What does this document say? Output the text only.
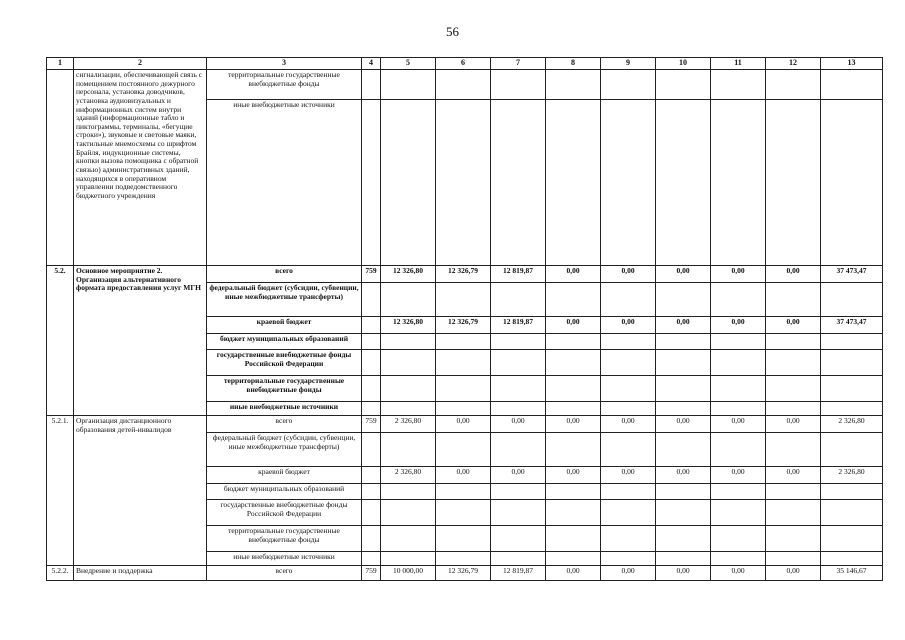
56
1	2	3	4	5	6	7	8	9	10	11	12	13
	сигнализации, обеспечивающей связь с помещением постоянного дежурного персонала, установка доводчиков, установка аудиовизуальных и информационных систем внутри зданий (информационные табло и пиктограммы, терминалы, «бегущие строки»), звуковые и световые маяки, тактильные мнемосхемы со шрифтом Брайля, индукционные системы, кнопки вызова помощника с обратной связью) административных зданий, находящихся в оперативном управлении подведомственного бюджетного учреждения	территориальные государственные внебюджетные фонды										
		иные внебюджетные источники										
5.2.	Основное мероприятие 2. Организация альтернативного формата предоставления услуг МГН	всего	759	12 326,80	12 326,79	12 819,87	0,00	0,00	0,00	0,00	0,00	37 473,47
		федеральный бюджет (субсидии, субвенции, иные межбюджетные трансферты)										
		краевой бюджет		12 326,80	12 326,79	12 819,87	0,00	0,00	0,00	0,00	0,00	37 473,47
		бюджет муниципальных образований										
		государственные внебюджетные фонды Российской Федерации										
		территориальные государственные внебюджетные фонды										
		иные внебюджетные источники										
5.2.1.	Организация дистанционного образования детей-инвалидов	всего	759	2 326,80	0,00	0,00	0,00	0,00	0,00	0,00	0,00	2 326,80
		федеральный бюджет (субсидии, субвенции, иные межбюджетные трансферты)										
		краевой бюджет		2 326,80	0,00	0,00	0,00	0,00	0,00	0,00	0,00	2 326,80
		бюджет муниципальных образований										
		государственные внебюджетные фонды Российской Федерации										
		территориальные государственные внебюджетные фонды										
		иные внебюджетные источники										
5.2.2.	Внедрение и поддержка	всего	759	10 000,00	12 326,79	12 819,87	0,00	0,00	0,00	0,00	0,00	35 146,67
